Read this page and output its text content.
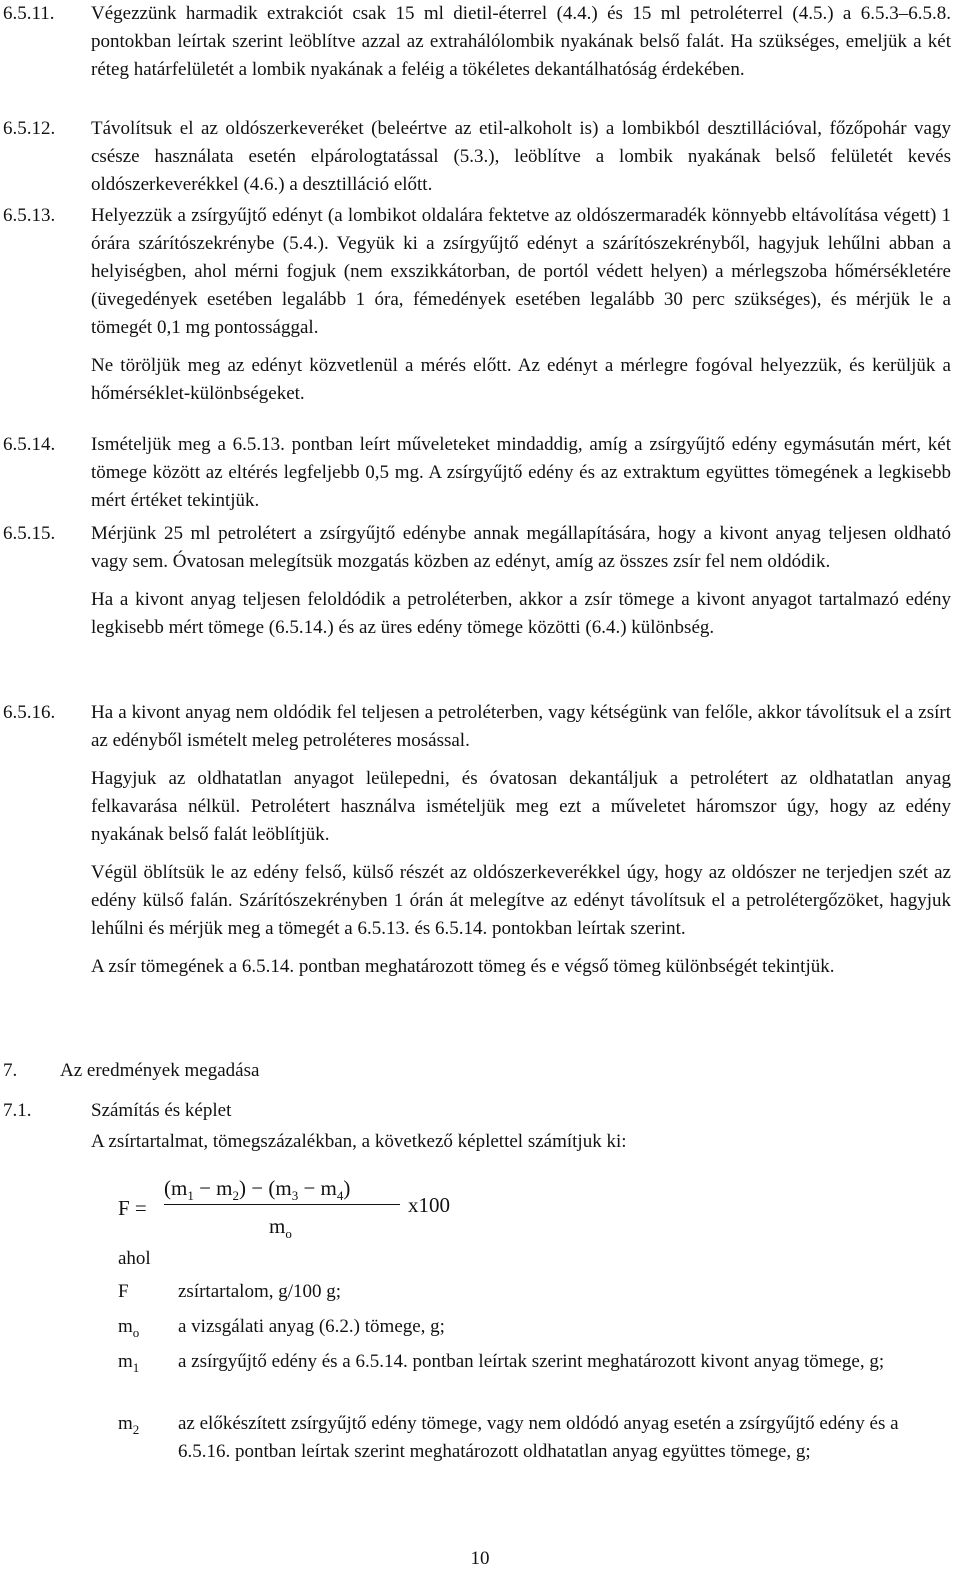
6.5.11. Végezzünk harmadik extrakciót csak 15 ml dietil-éterrel (4.4.) és 15 ml petroléterrel (4.5.) a 6.5.3–6.5.8. pontokban leírtak szerint leöblítve azzal az extrahálólombik nyakának belső falát. Ha szükséges, emeljük a két réteg határfelületét a lombik nyakának a feléig a tökéletes dekantálhatóság érdekében.

6.5.12. Távolítsuk el az oldószerkeveréket (beleértve az etil-alkoholt is) a lombikból desztillációval, főzőpohár vagy csésze használata esetén elpárologtatással (5.3.), leöblítve a lombik nyakának belső felületét kevés oldószerkeverékkel (4.6.) a desztilláció előtt.

6.5.13. Helyezzük a zsírgyűjtő edényt (a lombikot oldalára fektetve az oldószermaradék könnyebb eltávolítása végett) 1 órára szárítószekrénybe (5.4.). Vegyük ki a zsírgyűjtő edényt a szárítószekrényből, hagyjuk lehűlni abban a helyiségben, ahol mérni fogjuk (nem exszikkátorban, de portól védett helyen) a mérlegszoba hőmérsékletére (üvegedények esetében legalább 1 óra, fémedények esetében legalább 30 perc szükséges), és mérjük le a tömegét 0,1 mg pontossággal.

Ne töröljük meg az edényt közvetlenül a mérés előtt. Az edényt a mérlegre fogóval helyezzük, és kerüljük a hőmérséklet-különbségeket.

6.5.14. Ismételjük meg a 6.5.13. pontban leírt műveleteket mindaddig, amíg a zsírgyűjtő edény egymásután mért, két tömege között az eltérés legfeljebb 0,5 mg. A zsírgyűjtő edény és az extraktum együttes tömegének a legkisebb mért értéket tekintjük.

6.5.15. Mérjünk 25 ml petrolétert a zsírgyűjtő edénybe annak megállapítására, hogy a kivont anyag teljesen oldható vagy sem. Óvatosan melegítsük mozgatás közben az edényt, amíg az összes zsír fel nem oldódik.

Ha a kivont anyag teljesen feloldódik a petroléterben, akkor a zsír tömege a kivont anyagot tartalmazó edény legkisebb mért tömege (6.5.14.) és az üres edény tömege közötti (6.4.) különbség.

6.5.16. Ha a kivont anyag nem oldódik fel teljesen a petroléterben, vagy kétségünk van felőle, akkor távolítsuk el a zsírt az edényből ismételt meleg petroléteres mosással.

Hagyjuk az oldhatatlan anyagot leülepedni, és óvatosan dekantáljuk a petrolétert az oldhatatlan anyag felkavarása nélkül. Petrolétert használva ismételjük meg ezt a műveletet háromszor úgy, hogy az edény nyakának belső falát leöblítjük.

Végül öblítsük le az edény felső, külső részét az oldószerkeverékkel úgy, hogy az oldószer ne terjedjen szét az edény külső falán. Szárítószekrényben 1 órán át melegítve az edényt távolítsuk el a petrolétergőzöket, hagyjuk lehűlni és mérjük meg a tömegét a 6.5.13. és 6.5.14. pontokban leírtak szerint.

A zsír tömegének a 6.5.14. pontban meghatározott tömeg és e végső tömeg különbségét tekintjük.

7. Az eredmények megadása
7.1.	Számítás és képlet

A zsírtartalmat, tömegszázalékban, a következő képlettel számítjuk ki:

F =
$(m_1 - m_2) - (m_3 - m_4)$
$m_o$
x100
ahol
F	zsírtartalom, g/100 g;
$m_o$ a vizsgálati anyag (6.2.) tömege, g;
$m_1$ a zsírgyűjtő edény és a 6.5.14. pontban leírtak szerint meghatározott kivont anyag tömege, g;
$m_2$ az előkészített zsírgyűjtő edény tömege, vagy nem oldódó anyag esetén a zsírgyűjtő edény és a 6.5.16. pontban leírtak szerint meghatározott oldhatatlan anyag együttes tömege, g;
10
